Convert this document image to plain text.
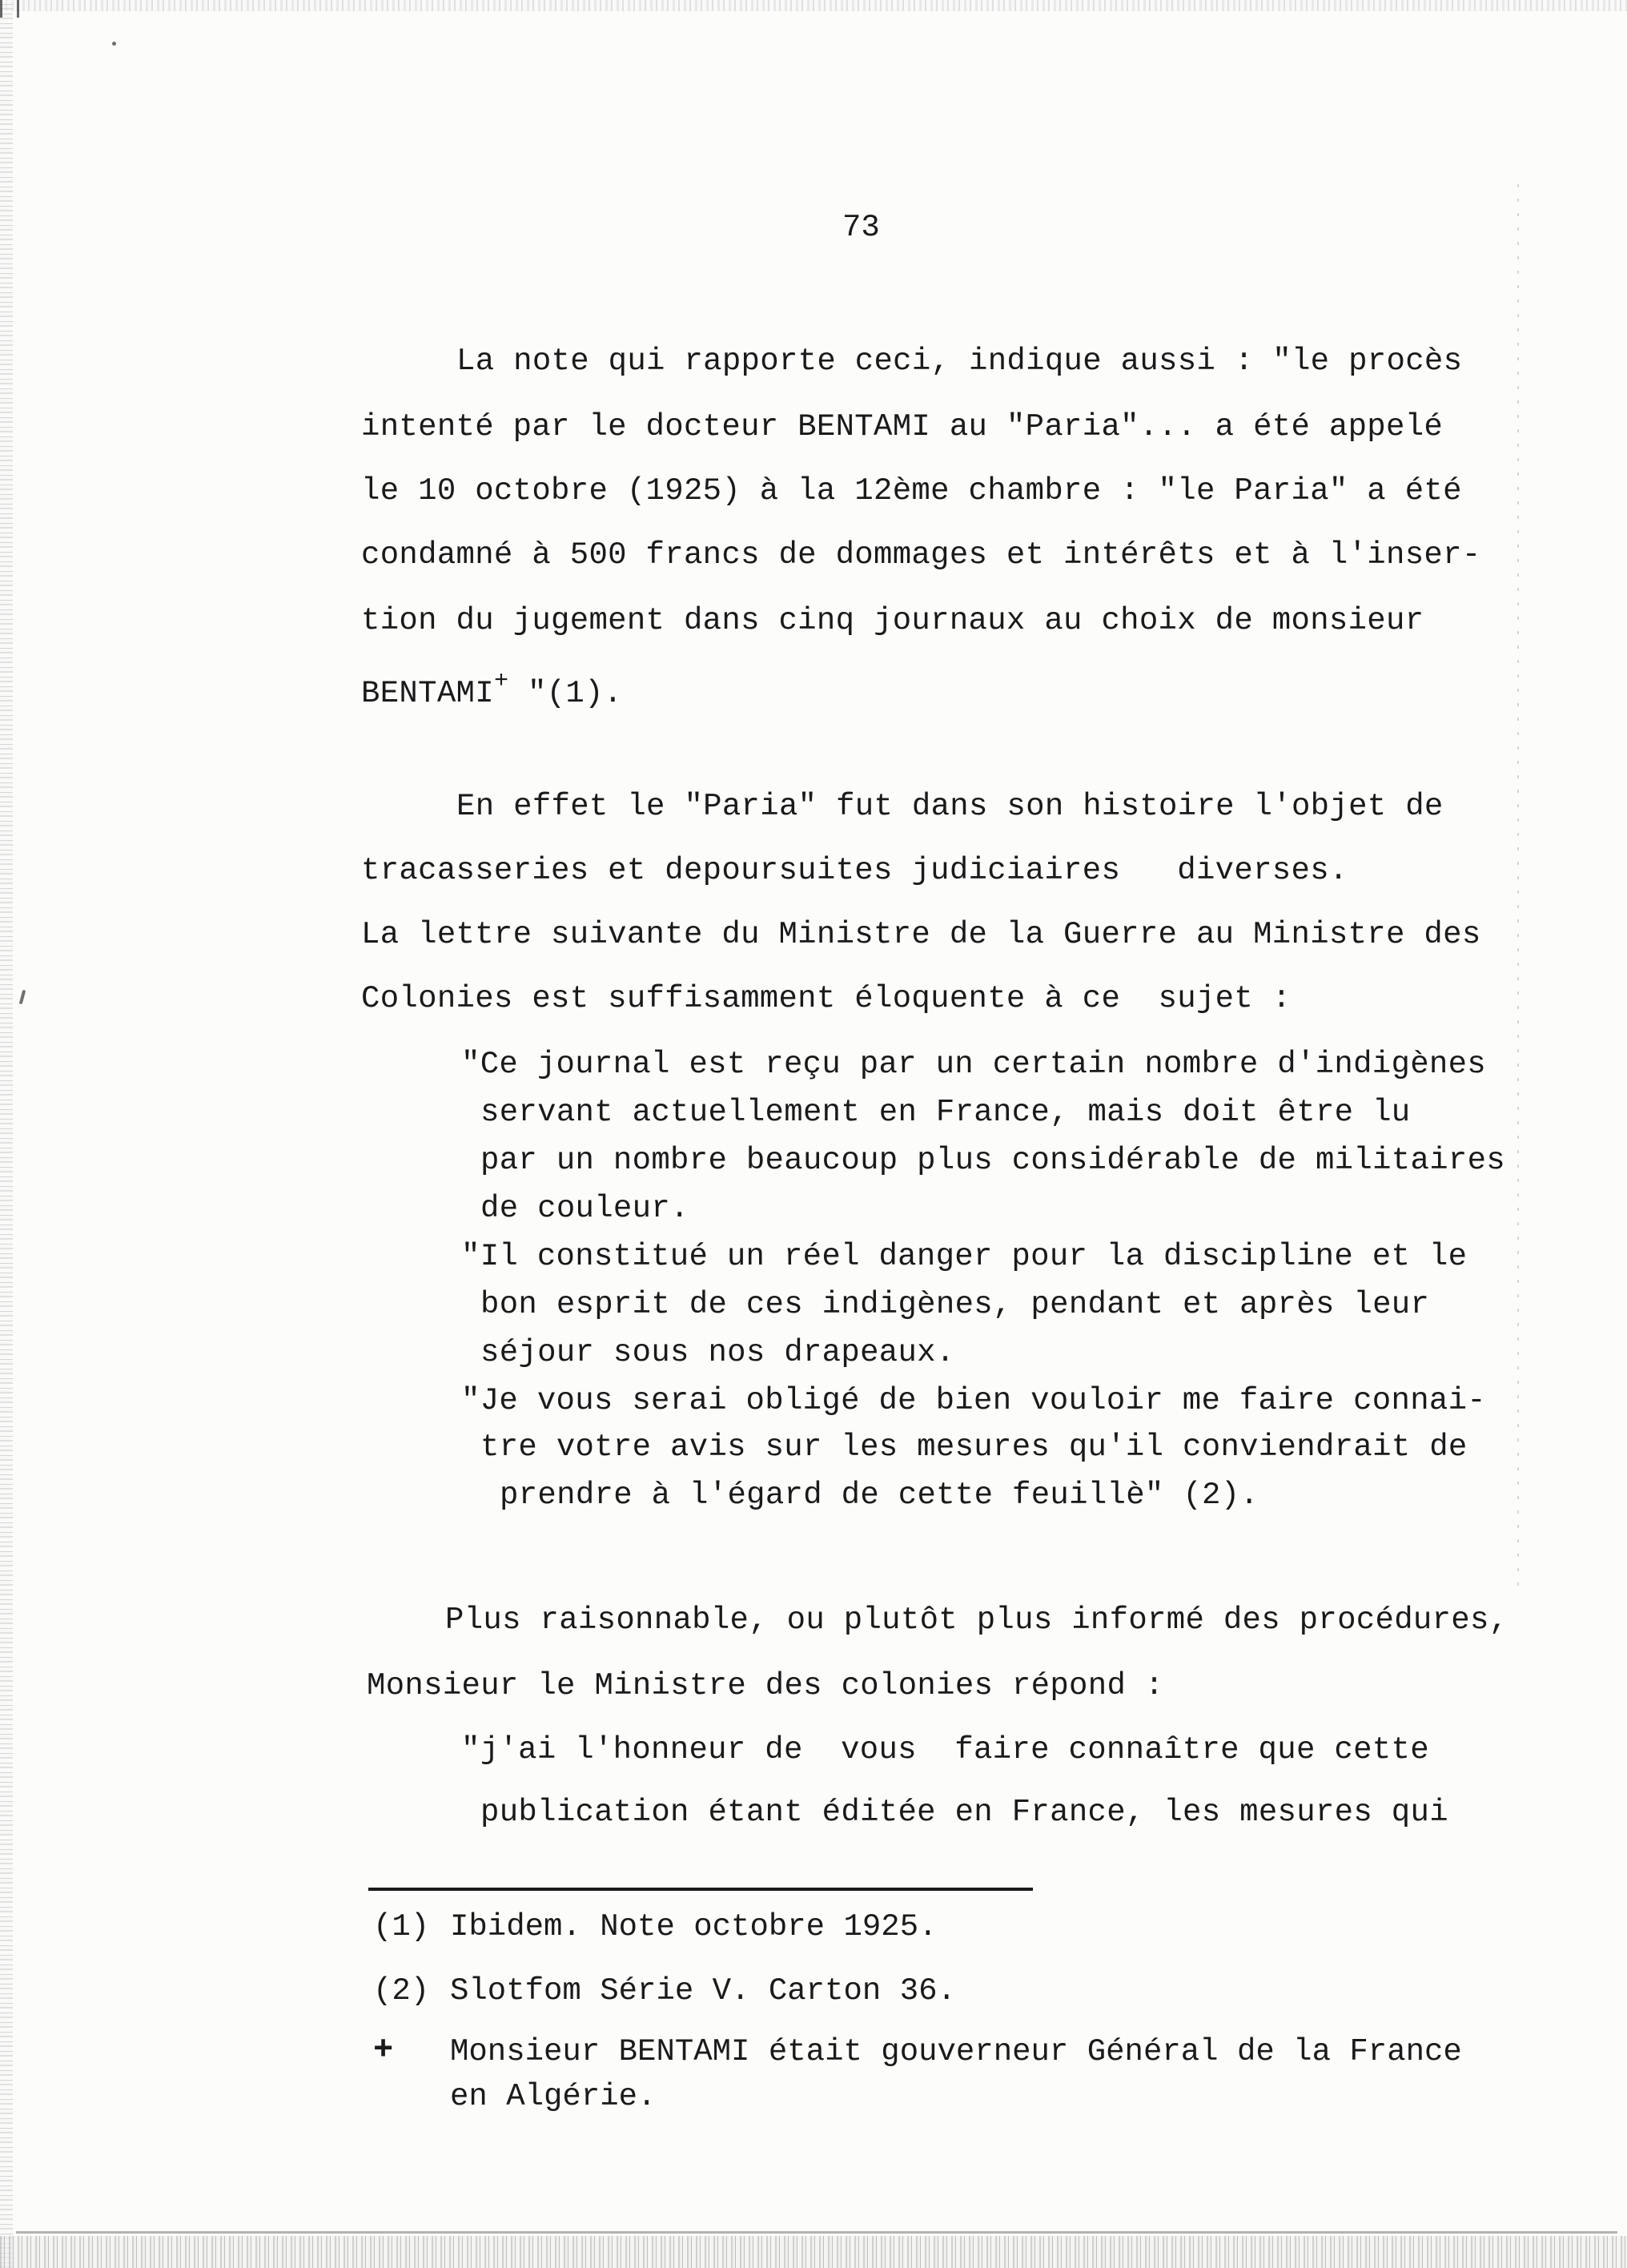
73
La note qui rapporte ceci, indique aussi : "le procès
intenté par le docteur BENTAMI au "Paria"... a été appelé
le 10 octobre (1925) à la 12ème chambre : "le Paria" a été
condamné à 500 francs de dommages et intérêts et à l'inser-
tion du jugement dans cinq journaux au choix de monsieur
BENTAMI+ "(1).
En effet le "Paria" fut dans son histoire l'objet de
tracasseries et depoursuites judiciaires   diverses.
La lettre suivante du Ministre de la Guerre au Ministre des
Colonies est suffisamment éloquente à ce  sujet :
"Ce journal est reçu par un certain nombre d'indigènes
servant actuellement en France, mais doit être lu
par un nombre beaucoup plus considérable de militaires
de couleur.
"Il constitué un réel danger pour la discipline et le
bon esprit de ces indigènes, pendant et après leur
séjour sous nos drapeaux.
"Je vous serai obligé de bien vouloir me faire connai-
tre votre avis sur les mesures qu'il conviendrait de
prendre à l'égard de cette feuillè" (2).
Plus raisonnable, ou plutôt plus informé des procédures,
Monsieur le Ministre des colonies répond :
"j'ai l'honneur de  vous  faire connaître que cette
publication étant éditée en France, les mesures qui
(1) Ibidem. Note octobre 1925.
(2) Slotfom Série V. Carton 36.
+ Monsieur BENTAMI était gouverneur Général de la France
en Algérie.
